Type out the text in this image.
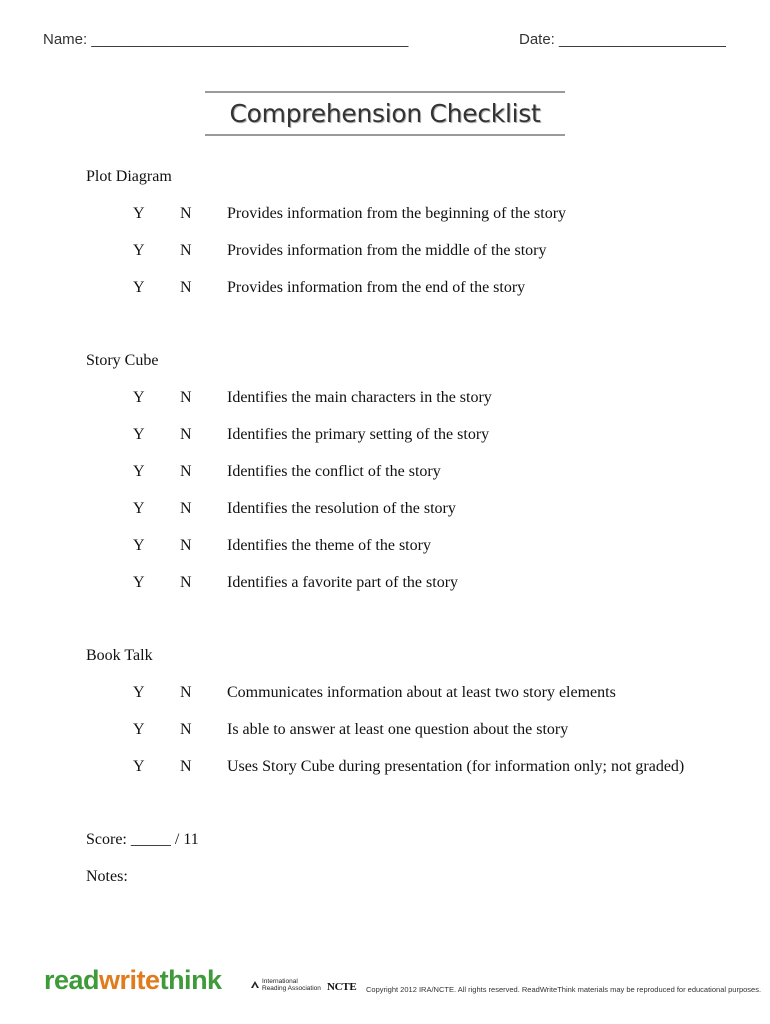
Name: ______________________________________	Date: ____________________
Comprehension Checklist
Plot Diagram
Y N Provides information from the beginning of the story
Y N Provides information from the middle of the story
Y N Provides information from the end of the story
Story Cube
Y N Identifies the main characters in the story
Y N Identifies the primary setting of the story
Y N Identifies the conflict of the story
Y N Identifies the resolution of the story
Y N Identifies the theme of the story
Y N Identifies a favorite part of the story
Book Talk
Y N Communicates information about at least two story elements
Y N Is able to answer at least one question about the story
Y N Uses Story Cube during presentation (for information only; not graded)
Score: _____ / 11
Notes:
readwritethink	International
Reading Association NCTE Copyright 2012 IRA/NCTE. All rights reserved. ReadWriteThink materials may be reproduced for educational purposes.
